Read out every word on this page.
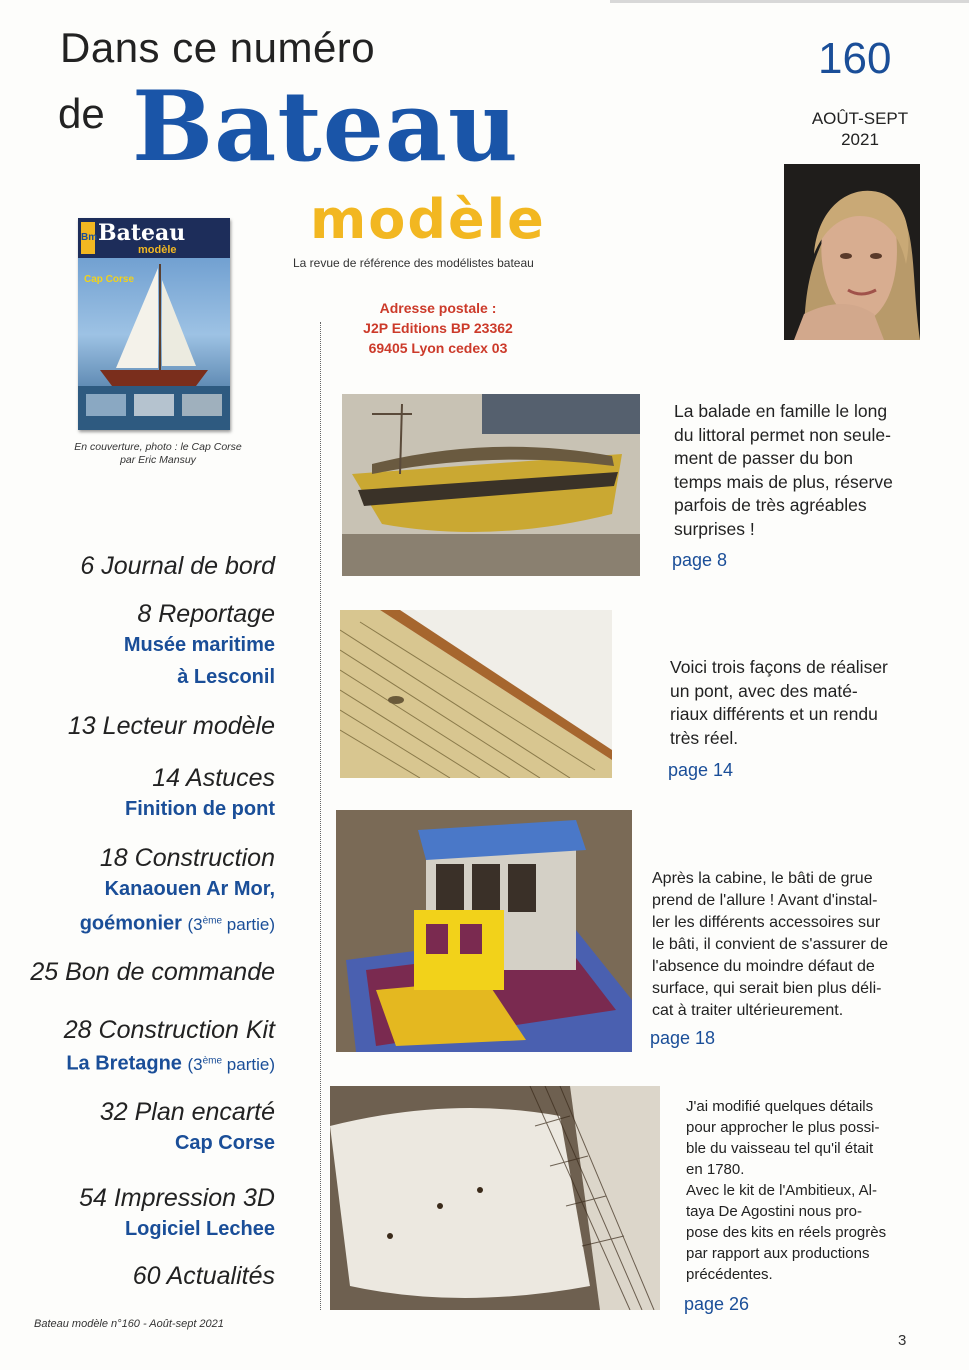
Dans ce numéro
de Bateau
modèle
La revue de référence des modélistes bateau
160
AOÛT-SEPT
2021
Bm Bateau
modèle
Cap Corse
En couverture, photo : le Cap Corse
par Eric Mansuy
Adresse postale :
J2P Editions BP 23362
69405 Lyon cedex 03
6 Journal de bord
8 Reportage
Musée maritime
à Lesconil
13 Lecteur modèle
14 Astuces
Finition de pont
18 Construction
Kanaouen Ar Mor,
goémonier (3ème partie)
25 Bon de commande
28 Construction Kit
La Bretagne (3ème partie)
32 Plan encarté
Cap Corse
54 Impression 3D
Logiciel Lechee
60 Actualités
La balade en famille le long
du littoral permet non seule-
ment de passer du bon
temps mais de plus, réserve
parfois de très agréables
surprises !
page 8
Voici trois façons de réaliser
un pont, avec des maté-
riaux différents et un rendu
très réel.
page 14
Après la cabine, le bâti de grue
prend de l'allure ! Avant d'instal-
ler les différents accessoires sur
le bâti, il convient de s'assurer de
l'absence du moindre défaut de
surface, qui serait bien plus déli-
cat à traiter ultérieurement.
page 18
J'ai modifié quelques détails
pour approcher le plus possi-
ble du vaisseau tel qu'il était
en 1780.
Avec le kit de l'Ambitieux, Al-
taya De Agostini nous pro-
pose des kits en réels progrès
par rapport aux productions
précédentes.
page 26
Bateau modèle n°160 - Août-sept 2021
3
